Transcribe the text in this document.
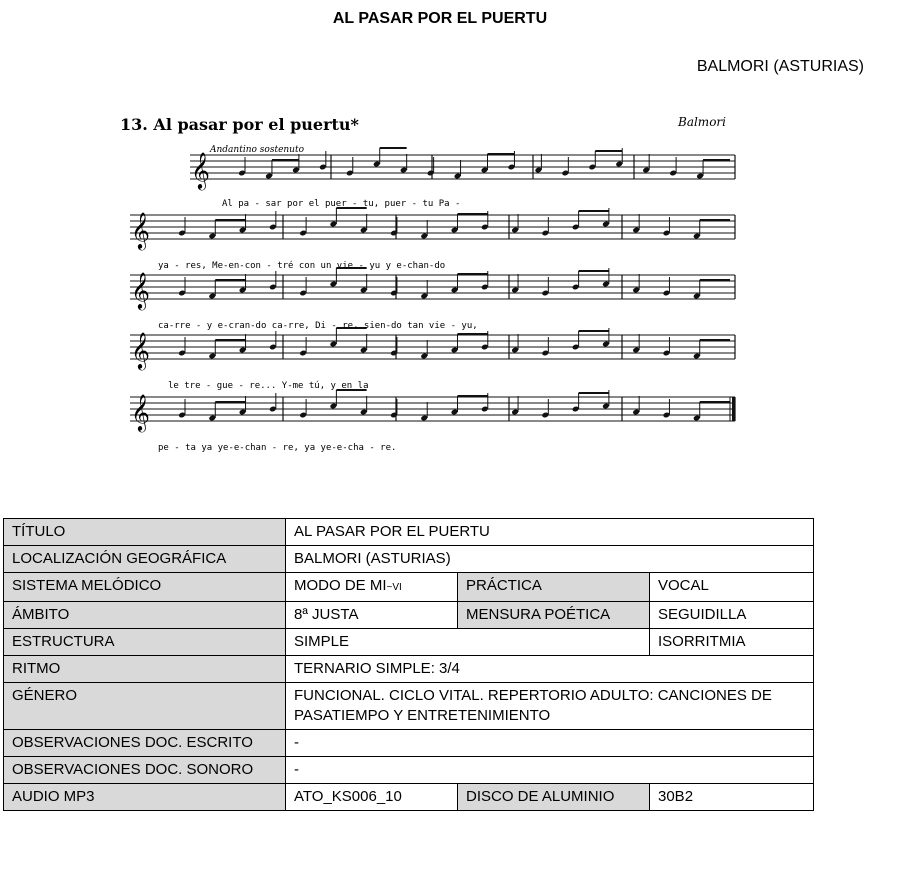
AL PASAR POR EL PUERTU
BALMORI (ASTURIAS)
13. Al pasar por el puertu*	Balmori
Andantino sostenuto
𝄞
𝄞
𝄞
𝄞
𝄞
Al pa - sar por el puer - tu, puer - tu Pa -
ya - res, Me-en-con - tré con un vie - yu y e-chan-do
ca-rre - y e-cran-do ca-rre, Di - re, sien-do tan vie - yu,
le tre - gue - re... Y-me tú, y en la
pe - ta ya ye-e-chan - re, ya ye-e-cha - re.
TÍTULO	AL PASAR POR EL PUERTU		
LOCALIZACIÓN GEOGRÁFICA	BALMORI (ASTURIAS)		
SISTEMA MELÓDICO	MODO DE MI~VI	PRÁCTICA	VOCAL
ÁMBITO	8ª JUSTA	MENSURA POÉTICA	SEGUIDILLA
ESTRUCTURA	SIMPLE		ISORRITMIA
RITMO	TERNARIO SIMPLE: 3/4		
GÉNERO	FUNCIONAL. CICLO VITAL. REPERTORIO ADULTO: CANCIONES DE PASATIEMPO Y ENTRETENIMIENTO		
OBSERVACIONES DOC. ESCRITO	-		
OBSERVACIONES DOC. SONORO	-		
AUDIO MP3	ATO_KS006_10	DISCO DE ALUMINIO	30B2
